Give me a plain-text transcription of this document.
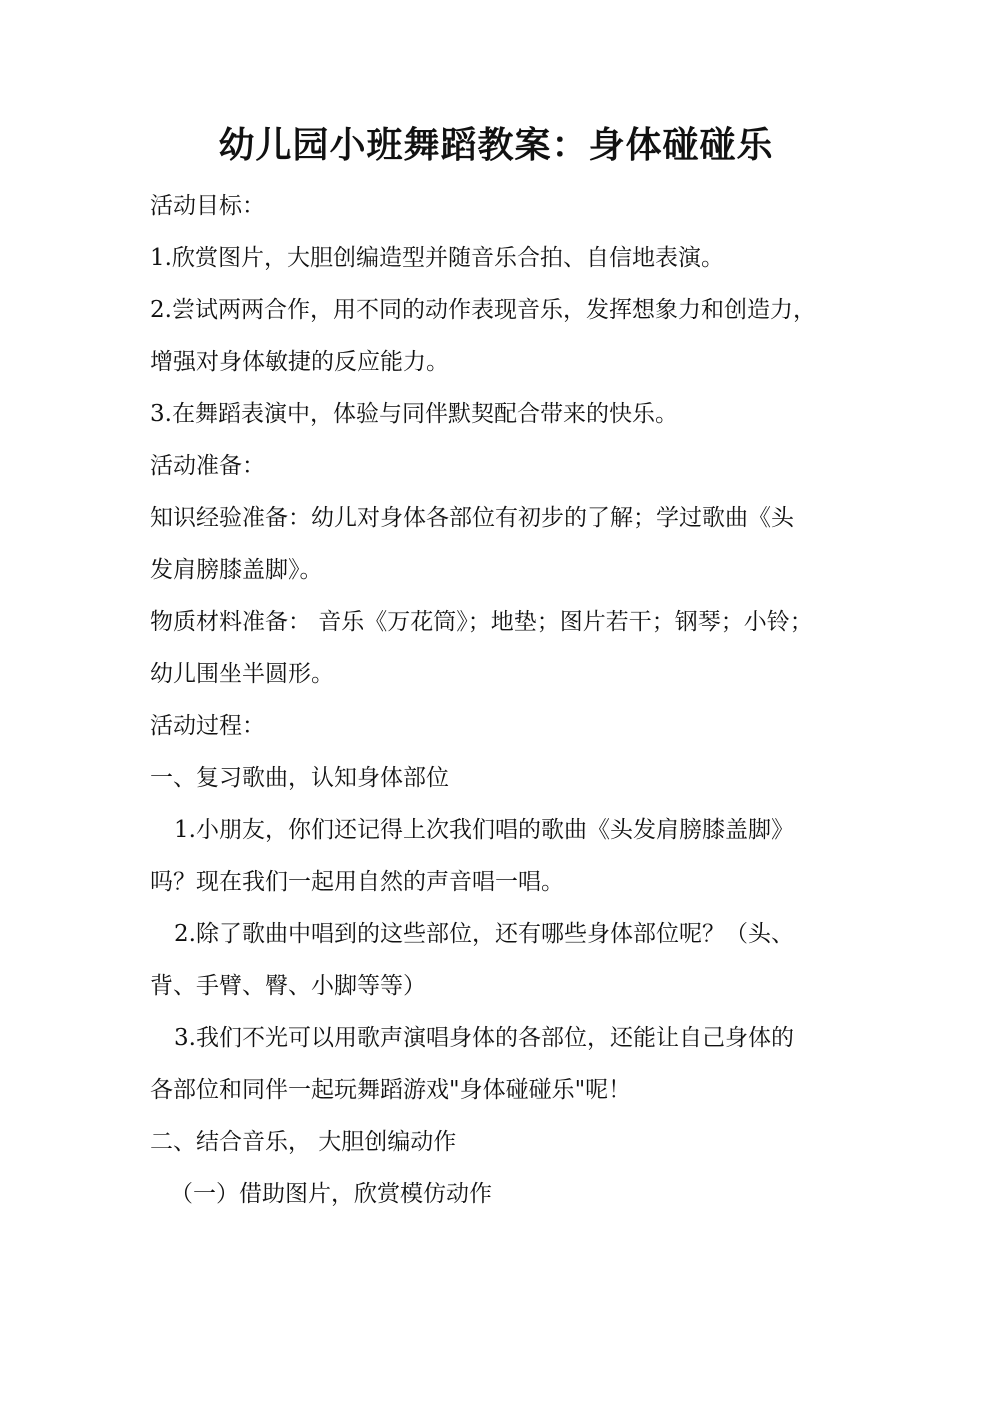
幼儿园小班舞蹈教案：身体碰碰乐
活动目标：
1.欣赏图片，大胆创编造型并随音乐合拍、自信地表演。
2.尝试两两合作，用不同的动作表现音乐，发挥想象力和创造力，
增强对身体敏捷的反应能力。
3.在舞蹈表演中，体验与同伴默契配合带来的快乐。
活动准备：
知识经验准备：幼儿对身体各部位有初步的了解；学过歌曲《头
发肩膀膝盖脚》。
物质材料准备： 音乐《万花筒》；地垫；图片若干；钢琴；小铃；
幼儿围坐半圆形。
活动过程：
一、复习歌曲，认知身体部位
1.小朋友，你们还记得上次我们唱的歌曲《头发肩膀膝盖脚》
吗？现在我们一起用自然的声音唱一唱。
2.除了歌曲中唱到的这些部位，还有哪些身体部位呢？（头、
背、手臂、臀、小脚等等）
3.我们不光可以用歌声演唱身体的各部位，还能让自己身体的
各部位和同伴一起玩舞蹈游戏"身体碰碰乐"呢！
二、结合音乐， 大胆创编动作
（一）借助图片，欣赏模仿动作
